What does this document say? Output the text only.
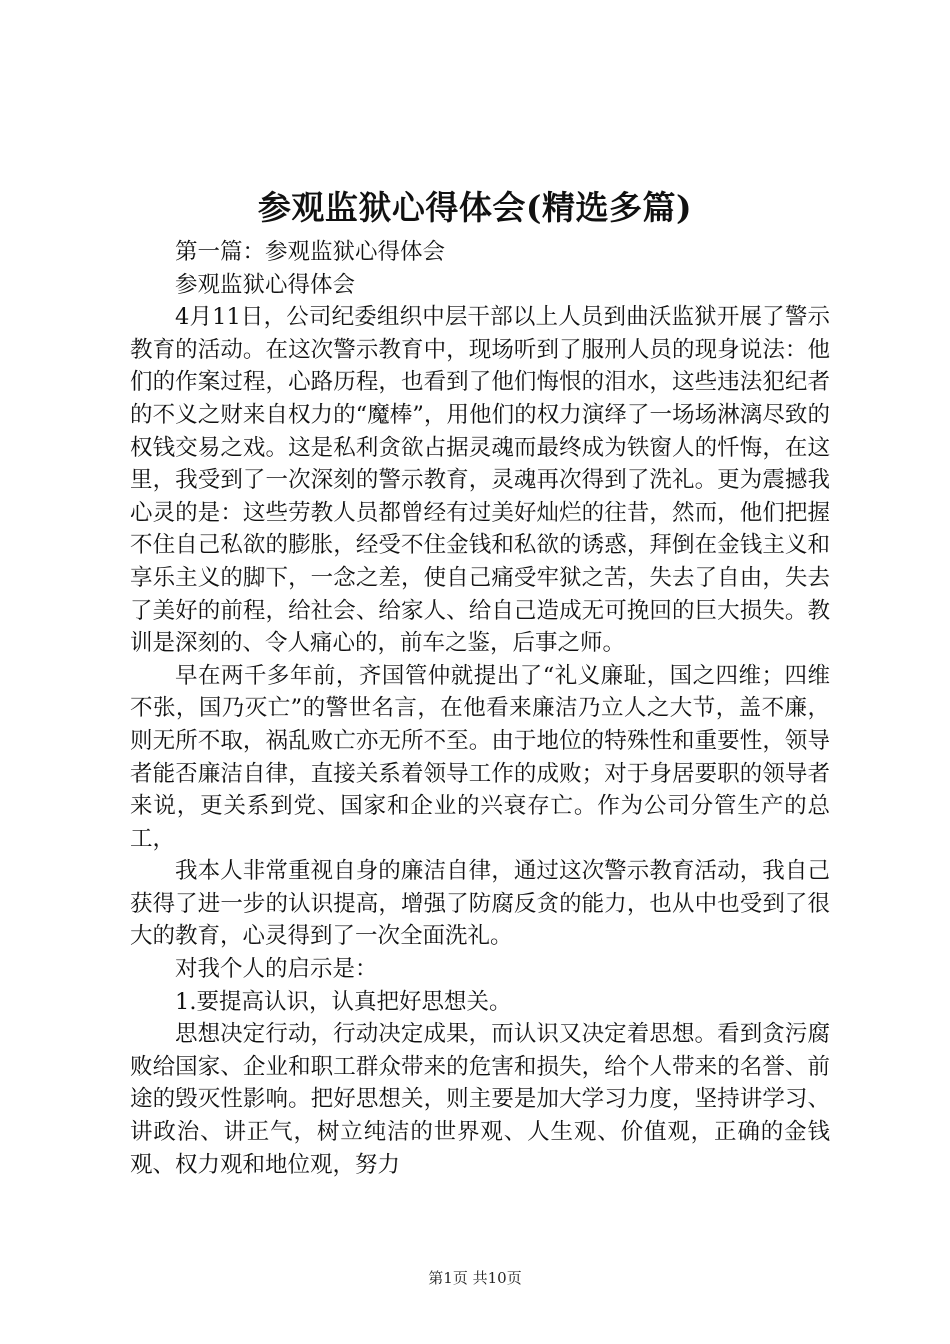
参观监狱心得体会(精选多篇)

第一篇：参观监狱心得体会

参观监狱心得体会

4月11日，公司纪委组织中层干部以上人员到曲沃监狱开展了警示教育的活动。在这次警示教育中，现场听到了服刑人员的现身说法：他们的作案过程，心路历程，也看到了他们悔恨的泪水，这些违法犯纪者的不义之财来自权力的“魔棒”，用他们的权力演绎了一场场淋漓尽致的权钱交易之戏。这是私利贪欲占据灵魂而最终成为铁窗人的忏悔，在这里，我受到了一次深刻的警示教育，灵魂再次得到了洗礼。更为震撼我心灵的是：这些劳教人员都曾经有过美好灿烂的往昔，然而，他们把握不住自己私欲的膨胀，经受不住金钱和私欲的诱惑，拜倒在金钱主义和享乐主义的脚下，一念之差，使自己痛受牢狱之苦，失去了自由，失去了美好的前程，给社会、给家人、给自己造成无可挽回的巨大损失。教训是深刻的、令人痛心的，前车之鉴，后事之师。

早在两千多年前，齐国管仲就提出了“礼义廉耻，国之四维；四维不张，国乃灭亡”的警世名言，在他看来廉洁乃立人之大节，盖不廉，则无所不取，祸乱败亡亦无所不至。由于地位的特殊性和重要性，领导者能否廉洁自律，直接关系着领导工作的成败；对于身居要职的领导者来说，更关系到党、国家和企业的兴衰存亡。作为公司分管生产的总工，

我本人非常重视自身的廉洁自律，通过这次警示教育活动，我自己获得了进一步的认识提高，增强了防腐反贪的能力，也从中也受到了很大的教育，心灵得到了一次全面洗礼。

对我个人的启示是：

1.要提高认识，认真把好思想关。

思想决定行动，行动决定成果，而认识又决定着思想。看到贪污腐败给国家、企业和职工群众带来的危害和损失，给个人带来的名誉、前途的毁灭性影响。把好思想关，则主要是加大学习力度，坚持讲学习、讲政治、讲正气，树立纯洁的世界观、人生观、价值观，正确的金钱观、权力观和地位观，努力

第1页 共10页
